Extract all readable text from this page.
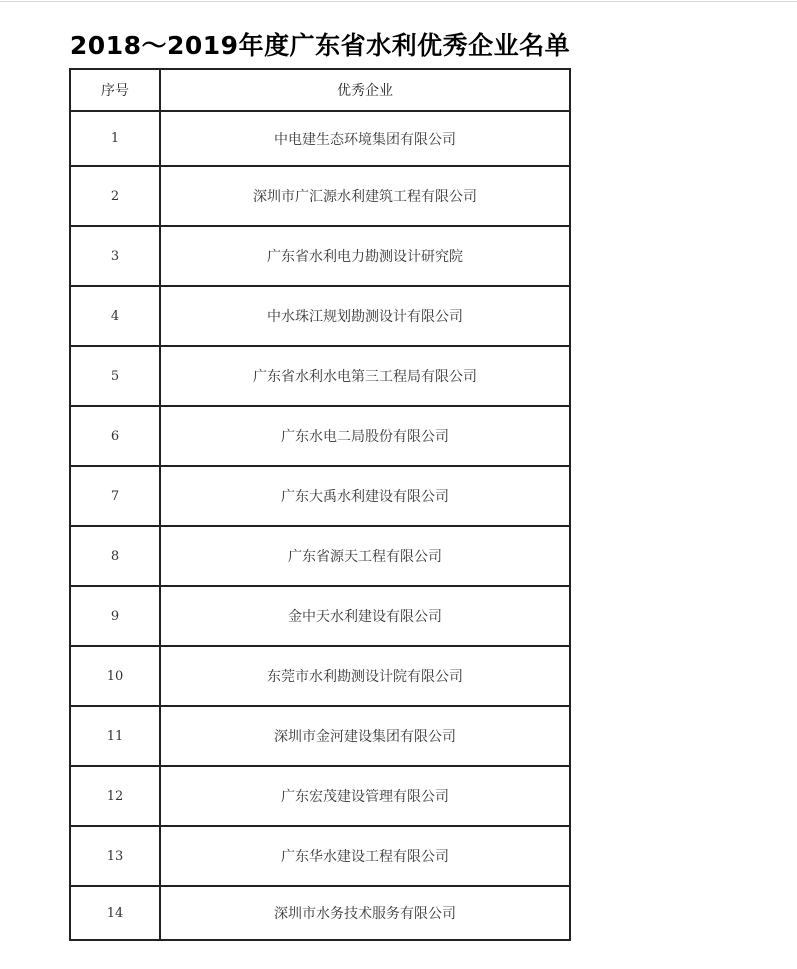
2018～2019年度广东省水利优秀企业名单
序号	优秀企业
1	中电建生态环境集团有限公司
2	深圳市广汇源水利建筑工程有限公司
3	广东省水利电力勘测设计研究院
4	中水珠江规划勘测设计有限公司
5	广东省水利水电第三工程局有限公司
6	广东水电二局股份有限公司
7	广东大禹水利建设有限公司
8	广东省源天工程有限公司
9	金中天水利建设有限公司
10	东莞市水利勘测设计院有限公司
11	深圳市金河建设集团有限公司
12	广东宏茂建设管理有限公司
13	广东华水建设工程有限公司
14	深圳市水务技术服务有限公司
